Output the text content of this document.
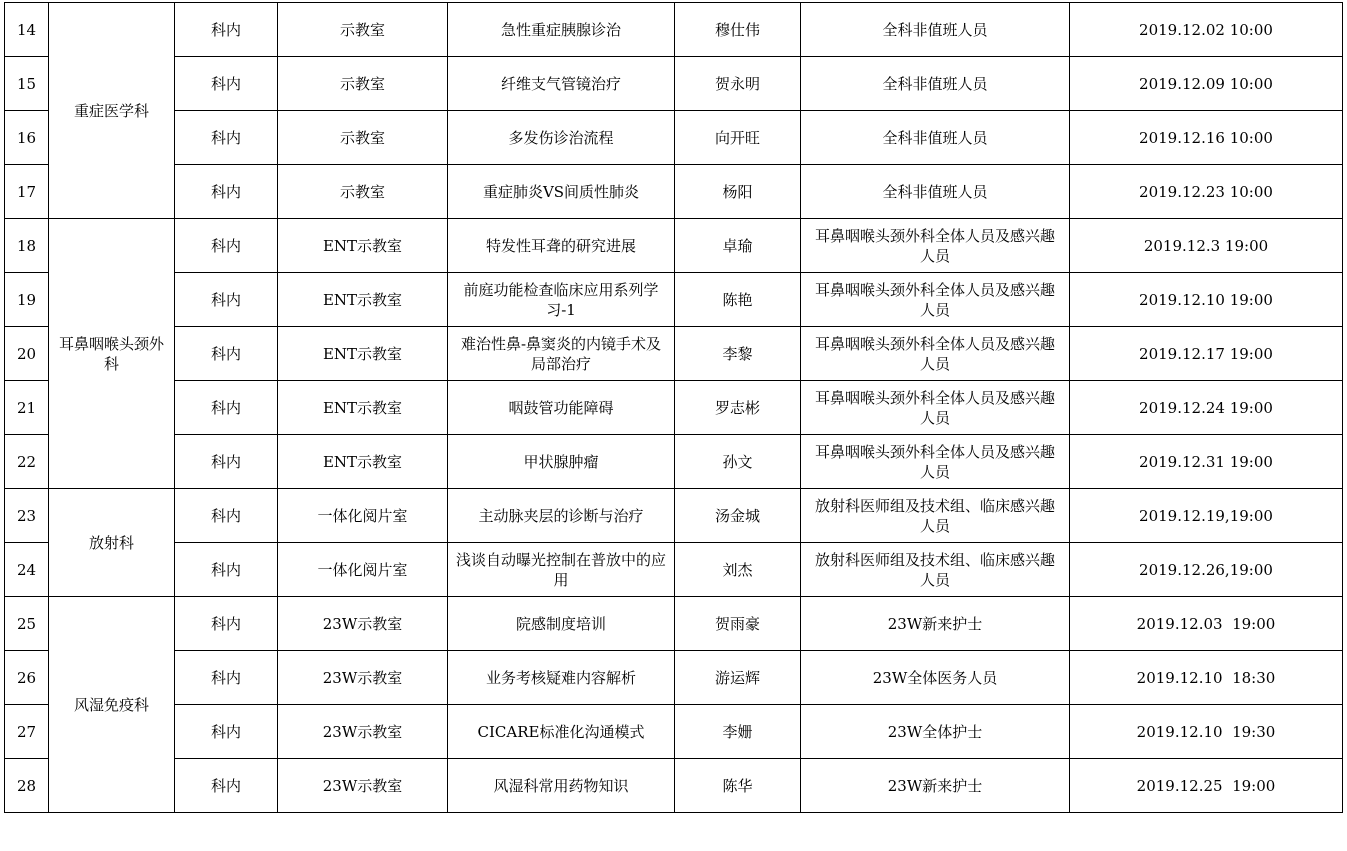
14	重症医学科	科内	示教室	急性重症胰腺诊治	穆仕伟	全科非值班人员	2019.12.02 10:00
15		科内	示教室	纤维支气管镜治疗	贺永明	全科非值班人员	2019.12.09 10:00
16		科内	示教室	多发伤诊治流程	向开旺	全科非值班人员	2019.12.16 10:00
17		科内	示教室	重症肺炎VS间质性肺炎	杨阳	全科非值班人员	2019.12.23 10:00
18	耳鼻咽喉头颈外科	科内	ENT示教室	特发性耳聋的研究进展	卓瑜	耳鼻咽喉头颈外科全体人员及感兴趣人员	2019.12.3 19:00
19		科内	ENT示教室	前庭功能检查临床应用系列学习-1	陈艳	耳鼻咽喉头颈外科全体人员及感兴趣人员	2019.12.10 19:00
20		科内	ENT示教室	难治性鼻-鼻窦炎的内镜手术及局部治疗	李黎	耳鼻咽喉头颈外科全体人员及感兴趣人员	2019.12.17 19:00
21		科内	ENT示教室	咽鼓管功能障碍	罗志彬	耳鼻咽喉头颈外科全体人员及感兴趣人员	2019.12.24 19:00
22		科内	ENT示教室	甲状腺肿瘤	孙文	耳鼻咽喉头颈外科全体人员及感兴趣人员	2019.12.31 19:00
23	放射科	科内	一体化阅片室	主动脉夹层的诊断与治疗	汤金城	放射科医师组及技术组、临床感兴趣人员	2019.12.19,19:00
24		科内	一体化阅片室	浅谈自动曝光控制在普放中的应用	刘杰	放射科医师组及技术组、临床感兴趣人员	2019.12.26,19:00
25	风湿免疫科	科内	23W示教室	院感制度培训	贺雨豪	23W新来护士	2019.12.03  19:00
26		科内	23W示教室	业务考核疑难内容解析	游运辉	23W全体医务人员	2019.12.10  18:30
27		科内	23W示教室	CICARE标准化沟通模式	李姗	23W全体护士	2019.12.10  19:30
28		科内	23W示教室	风湿科常用药物知识	陈华	23W新来护士	2019.12.25  19:00
